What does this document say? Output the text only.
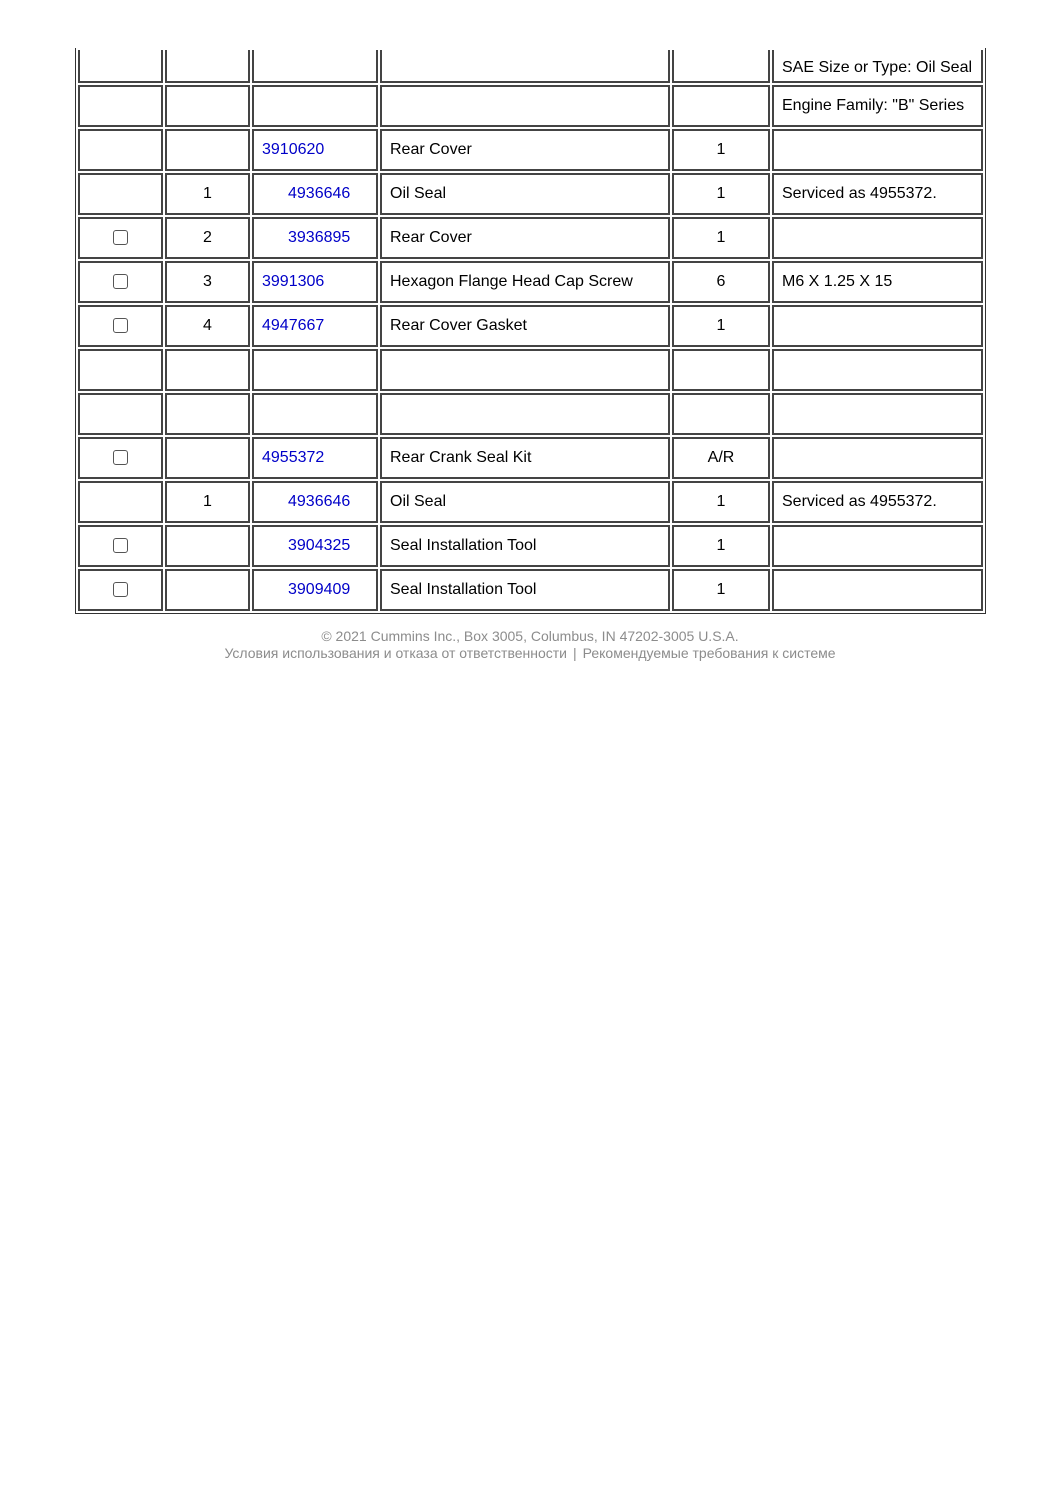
					SAE Size or Type: Oil Seal
					Engine Family: "B" Series
		3910620	Rear Cover	1	
	1	4936646	Oil Seal	1	Serviced as 4955372.
	2	3936895	Rear Cover	1	
	3	3991306	Hexagon Flange Head Cap Screw	6	M6 X 1.25 X 15
	4	4947667	Rear Cover Gasket	1	

		4955372	Rear Crank Seal Kit	A/R	
	1	4936646	Oil Seal	1	Serviced as 4955372.
		3904325	Seal Installation Tool	1	
		3909409	Seal Installation Tool	1	
© 2021 Cummins Inc., Box 3005, Columbus, IN 47202-3005 U.S.A.
Условия использования и отказа от ответственности | Рекомендуемые требования к системе
